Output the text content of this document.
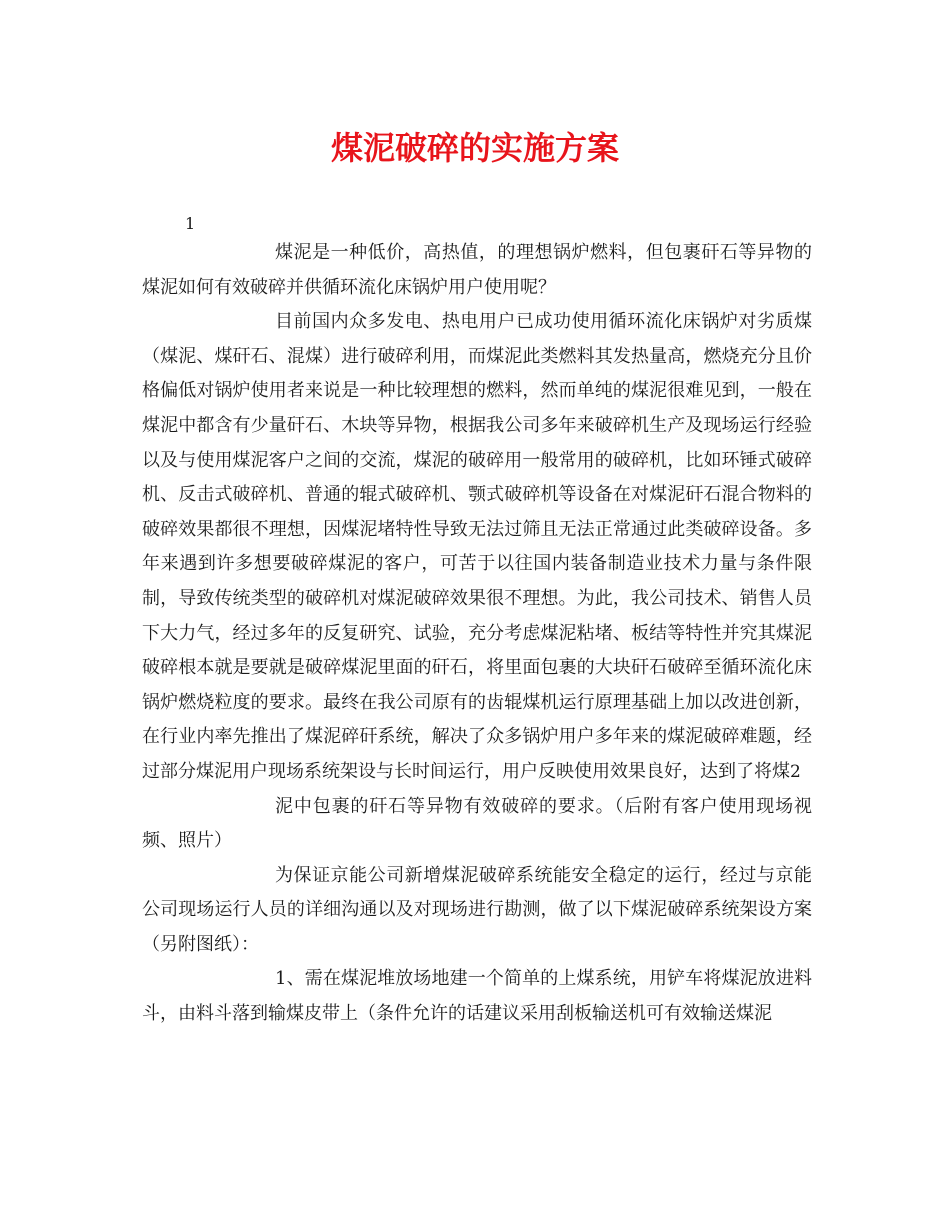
煤泥破碎的实施方案
1

煤泥是一种低价，高热值，的理想锅炉燃料，但包裹矸石等异物的煤泥如何有效破碎并供循环流化床锅炉用户使用呢？

目前国内众多发电、热电用户已成功使用循环流化床锅炉对劣质煤（煤泥、煤矸石、混煤）进行破碎利用，而煤泥此类燃料其发热量高，燃烧充分且价格偏低对锅炉使用者来说是一种比较理想的燃料，然而单纯的煤泥很难见到，一般在煤泥中都含有少量矸石、木块等异物，根据我公司多年来破碎机生产及现场运行经验以及与使用煤泥客户之间的交流，煤泥的破碎用一般常用的破碎机，比如环锤式破碎机、反击式破碎机、普通的辊式破碎机、颚式破碎机等设备在对煤泥矸石混合物料的破碎效果都很不理想，因煤泥堵特性导致无法过筛且无法正常通过此类破碎设备。多年来遇到许多想要破碎煤泥的客户，可苦于以往国内装备制造业技术力量与条件限制，导致传统类型的破碎机对煤泥破碎效果很不理想。为此，我公司技术、销售人员下大力气，经过多年的反复研究、试验，充分考虑煤泥粘堵、板结等特性并究其煤泥破碎根本就是要就是破碎煤泥里面的矸石，将里面包裹的大块矸石破碎至循环流化床锅炉燃烧粒度的要求。最终在我公司原有的齿辊煤机运行原理基础上加以改进创新，在行业内率先推出了煤泥碎矸系统，解决了众多锅炉用户多年来的煤泥破碎难题，经过部分煤泥用户现场系统架设与长时间运行，用户反映使用效果良好，达到了将煤2

泥中包裹的矸石等异物有效破碎的要求。（后附有客户使用现场视频、照片）

为保证京能公司新增煤泥破碎系统能安全稳定的运行，经过与京能公司现场运行人员的详细沟通以及对现场进行勘测，做了以下煤泥破碎系统架设方案（另附图纸）：

1、需在煤泥堆放场地建一个简单的上煤系统，用铲车将煤泥放进料斗，由料斗落到输煤皮带上（条件允许的话建议采用刮板输送机可有效输送煤泥
